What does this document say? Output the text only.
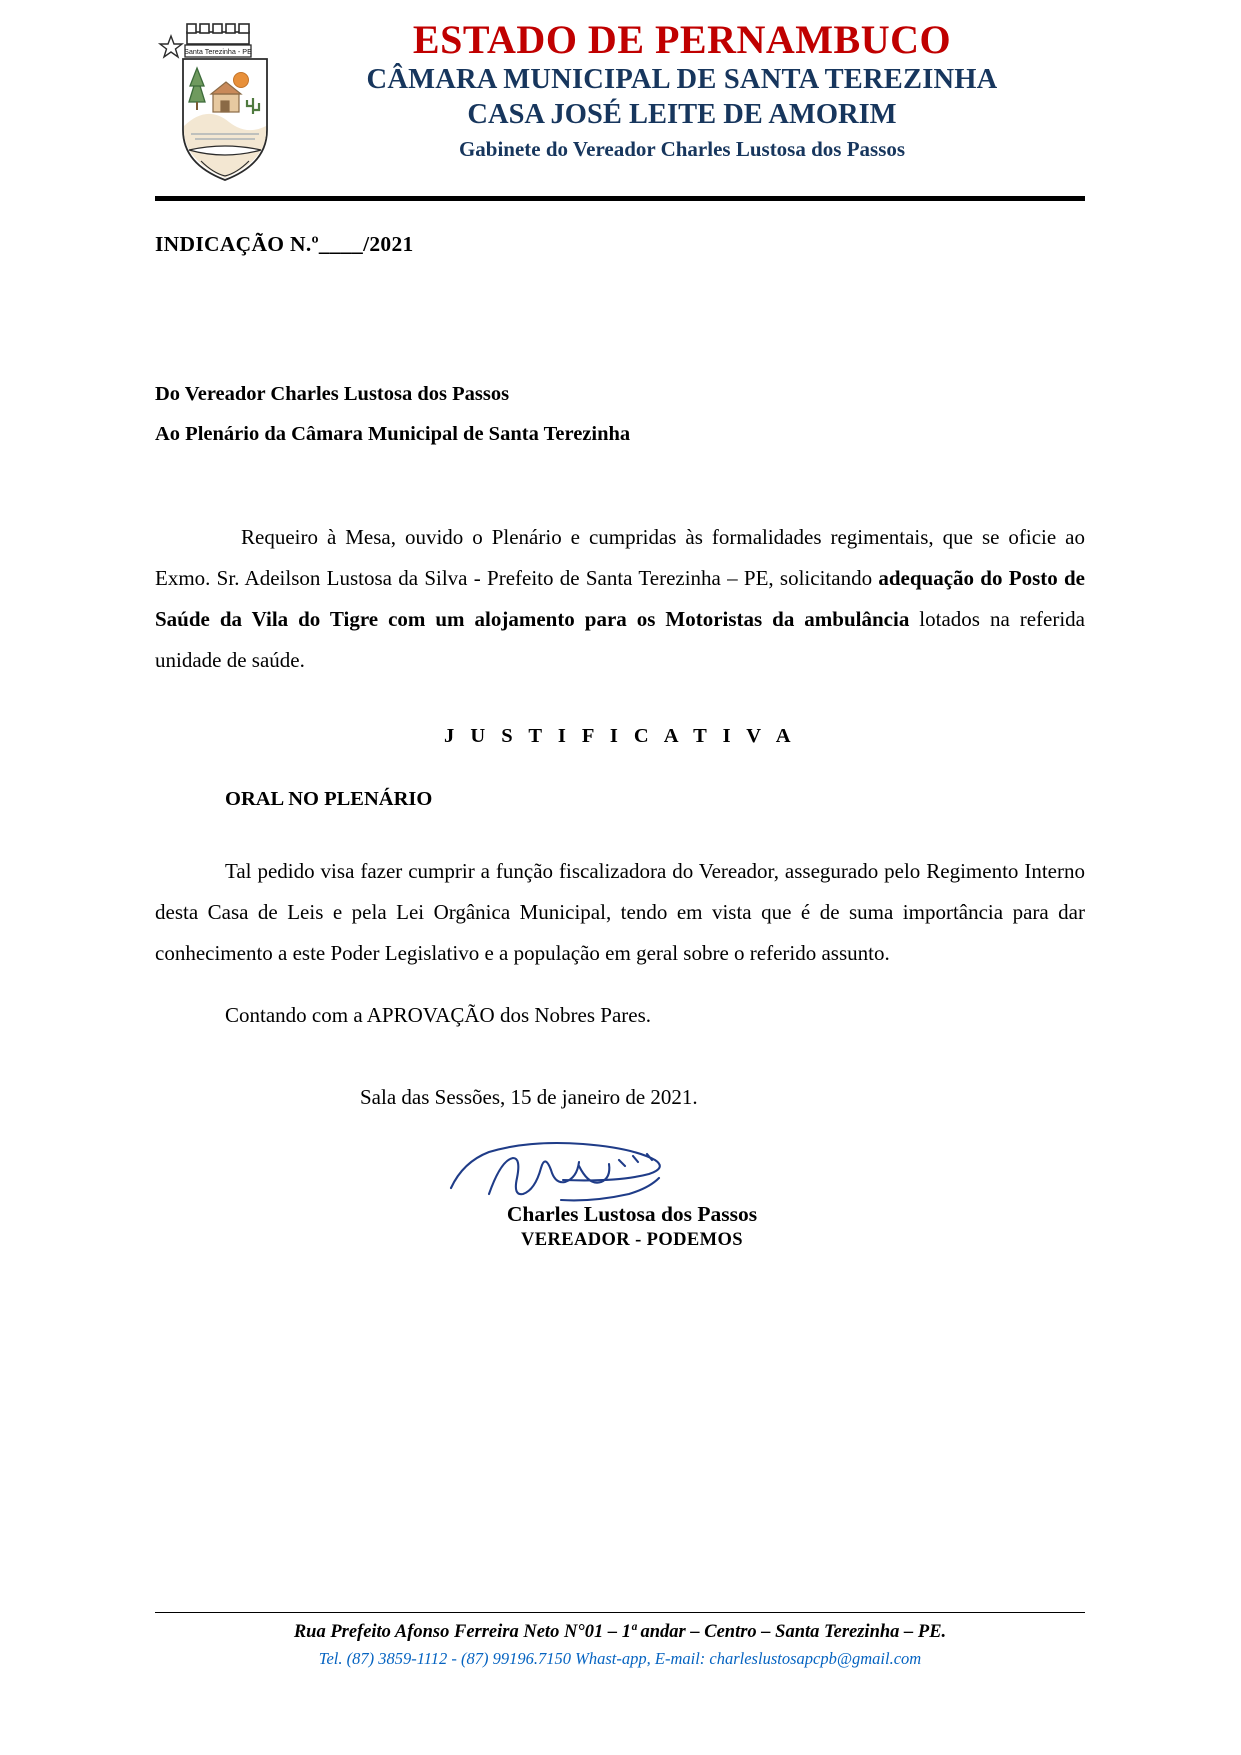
Santa Terezinha - PE	ESTADO DE PERNAMBUCO
CÂMARA MUNICIPAL DE SANTA TEREZINHA
CASA JOSÉ LEITE DE AMORIM
Gabinete do Vereador Charles Lustosa dos Passos
INDICAÇÃO N.º____/2021
Do Vereador Charles Lustosa dos Passos
Ao Plenário da Câmara Municipal de Santa Terezinha

Requeiro à Mesa, ouvido o Plenário e cumpridas às formalidades regimentais, que se oficie ao Exmo. Sr. Adeilson Lustosa da Silva - Prefeito de Santa Terezinha – PE, solicitando adequação do Posto de Saúde da Vila do Tigre com um alojamento para os Motoristas da ambulância lotados na referida unidade de saúde.

J U S T I F I C A T I V A
ORAL NO PLENÁRIO

Tal pedido visa fazer cumprir a função fiscalizadora do Vereador, assegurado pelo Regimento Interno desta Casa de Leis e pela Lei Orgânica Municipal, tendo em vista que é de suma importância para dar conhecimento a este Poder Legislativo e a população em geral sobre o referido assunto.

Contando com a APROVAÇÃO dos Nobres Pares.

Sala das Sessões, 15 de janeiro de 2021.
Charles Lustosa dos Passos
VEREADOR - PODEMOS
Rua Prefeito Afonso Ferreira Neto N°01 – 1ª andar – Centro – Santa Terezinha – PE.
Tel. (87) 3859-1112 - (87) 99196.7150 Whast-app, E-mail: charleslustosapcpb@gmail.com
